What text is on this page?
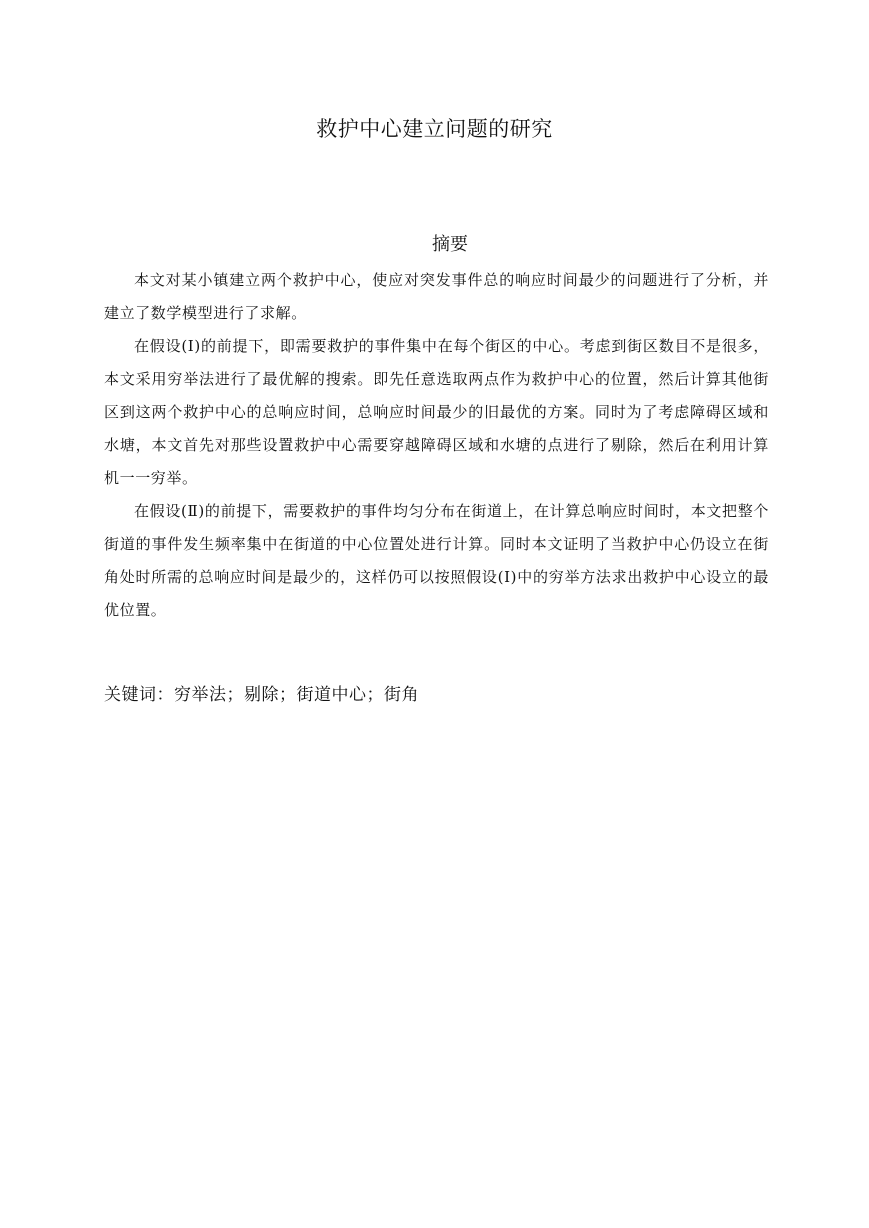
救护中心建立问题的研究
摘要

本文对某小镇建立两个救护中心，使应对突发事件总的响应时间最少的问题进行了分析，并建立了数学模型进行了求解。

在假设(I)的前提下，即需要救护的事件集中在每个街区的中心。考虑到街区数目不是很多，本文采用穷举法进行了最优解的搜索。即先任意选取两点作为救护中心的位置，然后计算其他街区到这两个救护中心的总响应时间，总响应时间最少的旧最优的方案。同时为了考虑障碍区域和水塘，本文首先对那些设置救护中心需要穿越障碍区域和水塘的点进行了剔除，然后在利用计算机一一穷举。

在假设(Ⅱ)的前提下，需要救护的事件均匀分布在街道上，在计算总响应时间时，本文把整个街道的事件发生频率集中在街道的中心位置处进行计算。同时本文证明了当救护中心仍设立在街角处时所需的总响应时间是最少的，这样仍可以按照假设(I)中的穷举方法求出救护中心设立的最优位置。

关键词：穷举法；剔除；街道中心；街角
